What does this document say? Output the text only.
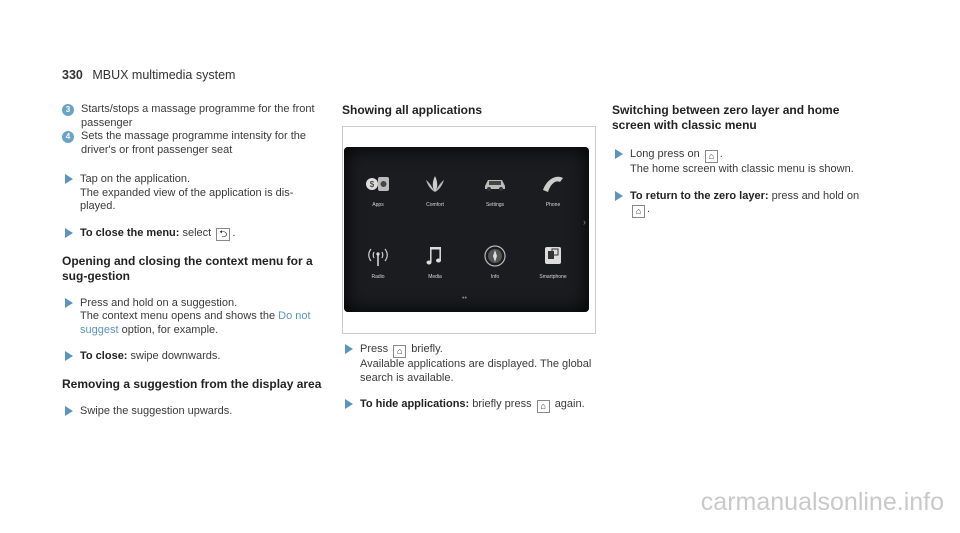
330 MBUX multimedia system
3 Starts/stops a massage programme for the front passenger
4 Sets the massage programme intensity for the driver's or front passenger seat
Tap on the application.
The expanded view of the application is dis-played.
To close the menu: select ⮌ .
Opening and closing the context menu for a sug-gestion
Press and hold on a suggestion.
The context menu opens and shows the Do not suggest option, for example.
To close: swipe downwards.
Removing a suggestion from the display area
Swipe the suggestion upwards.
Showing all applications
$
Apps	Comfort	Settings	Phone
Radio	Media	Info	Smartphone
›
••
Press ⌂ briefly.
Available applications are displayed. The global search is available.
To hide applications: briefly press ⌂ again.
Switching between zero layer and home screen with classic menu
Long press on ⌂ .
The home screen with classic menu is shown.
To return to the zero layer: press and hold on
⌂ .
carmanualsonline.info
